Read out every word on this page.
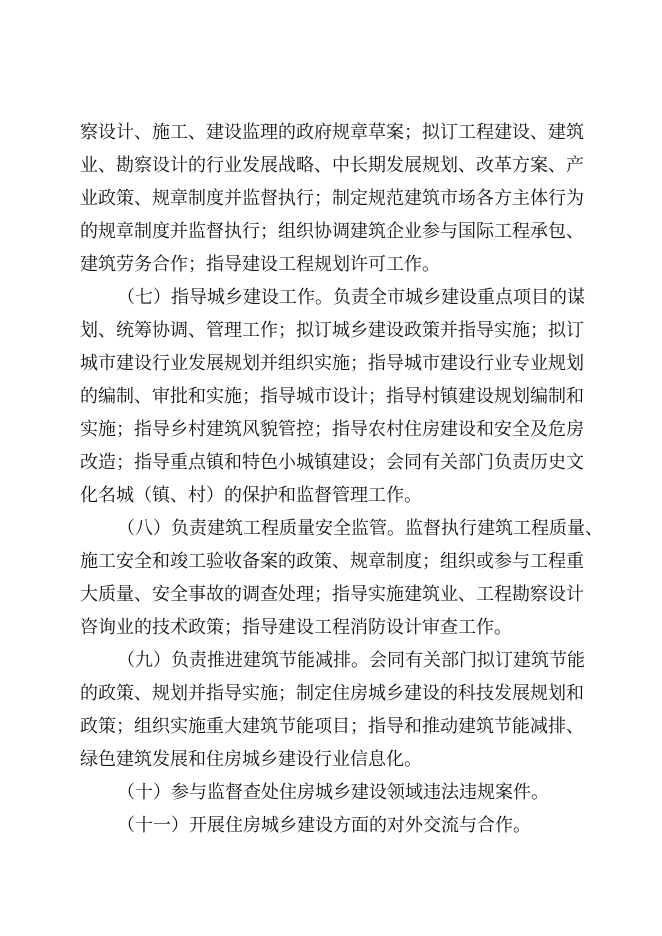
察设计、施工、建设监理的政府规章草案；拟订工程建设、建筑
业、勘察设计的行业发展战略、中长期发展规划、改革方案、产
业政策、规章制度并监督执行；制定规范建筑市场各方主体行为
的规章制度并监督执行；组织协调建筑企业参与国际工程承包、
建筑劳务合作；指导建设工程规划许可工作。
（七）指导城乡建设工作。负责全市城乡建设重点项目的谋
划、统筹协调、管理工作；拟订城乡建设政策并指导实施；拟订
城市建设行业发展规划并组织实施；指导城市建设行业专业规划
的编制、审批和实施；指导城市设计；指导村镇建设规划编制和
实施；指导乡村建筑风貌管控；指导农村住房建设和安全及危房
改造；指导重点镇和特色小城镇建设；会同有关部门负责历史文
化名城（镇、村）的保护和监督管理工作。
（八）负责建筑工程质量安全监管。监督执行建筑工程质量、
施工安全和竣工验收备案的政策、规章制度；组织或参与工程重
大质量、安全事故的调查处理；指导实施建筑业、工程勘察设计
咨询业的技术政策；指导建设工程消防设计审查工作。
（九）负责推进建筑节能减排。会同有关部门拟订建筑节能
的政策、规划并指导实施；制定住房城乡建设的科技发展规划和
政策；组织实施重大建筑节能项目；指导和推动建筑节能减排、
绿色建筑发展和住房城乡建设行业信息化。
（十）参与监督查处住房城乡建设领域违法违规案件。
（十一）开展住房城乡建设方面的对外交流与合作。
